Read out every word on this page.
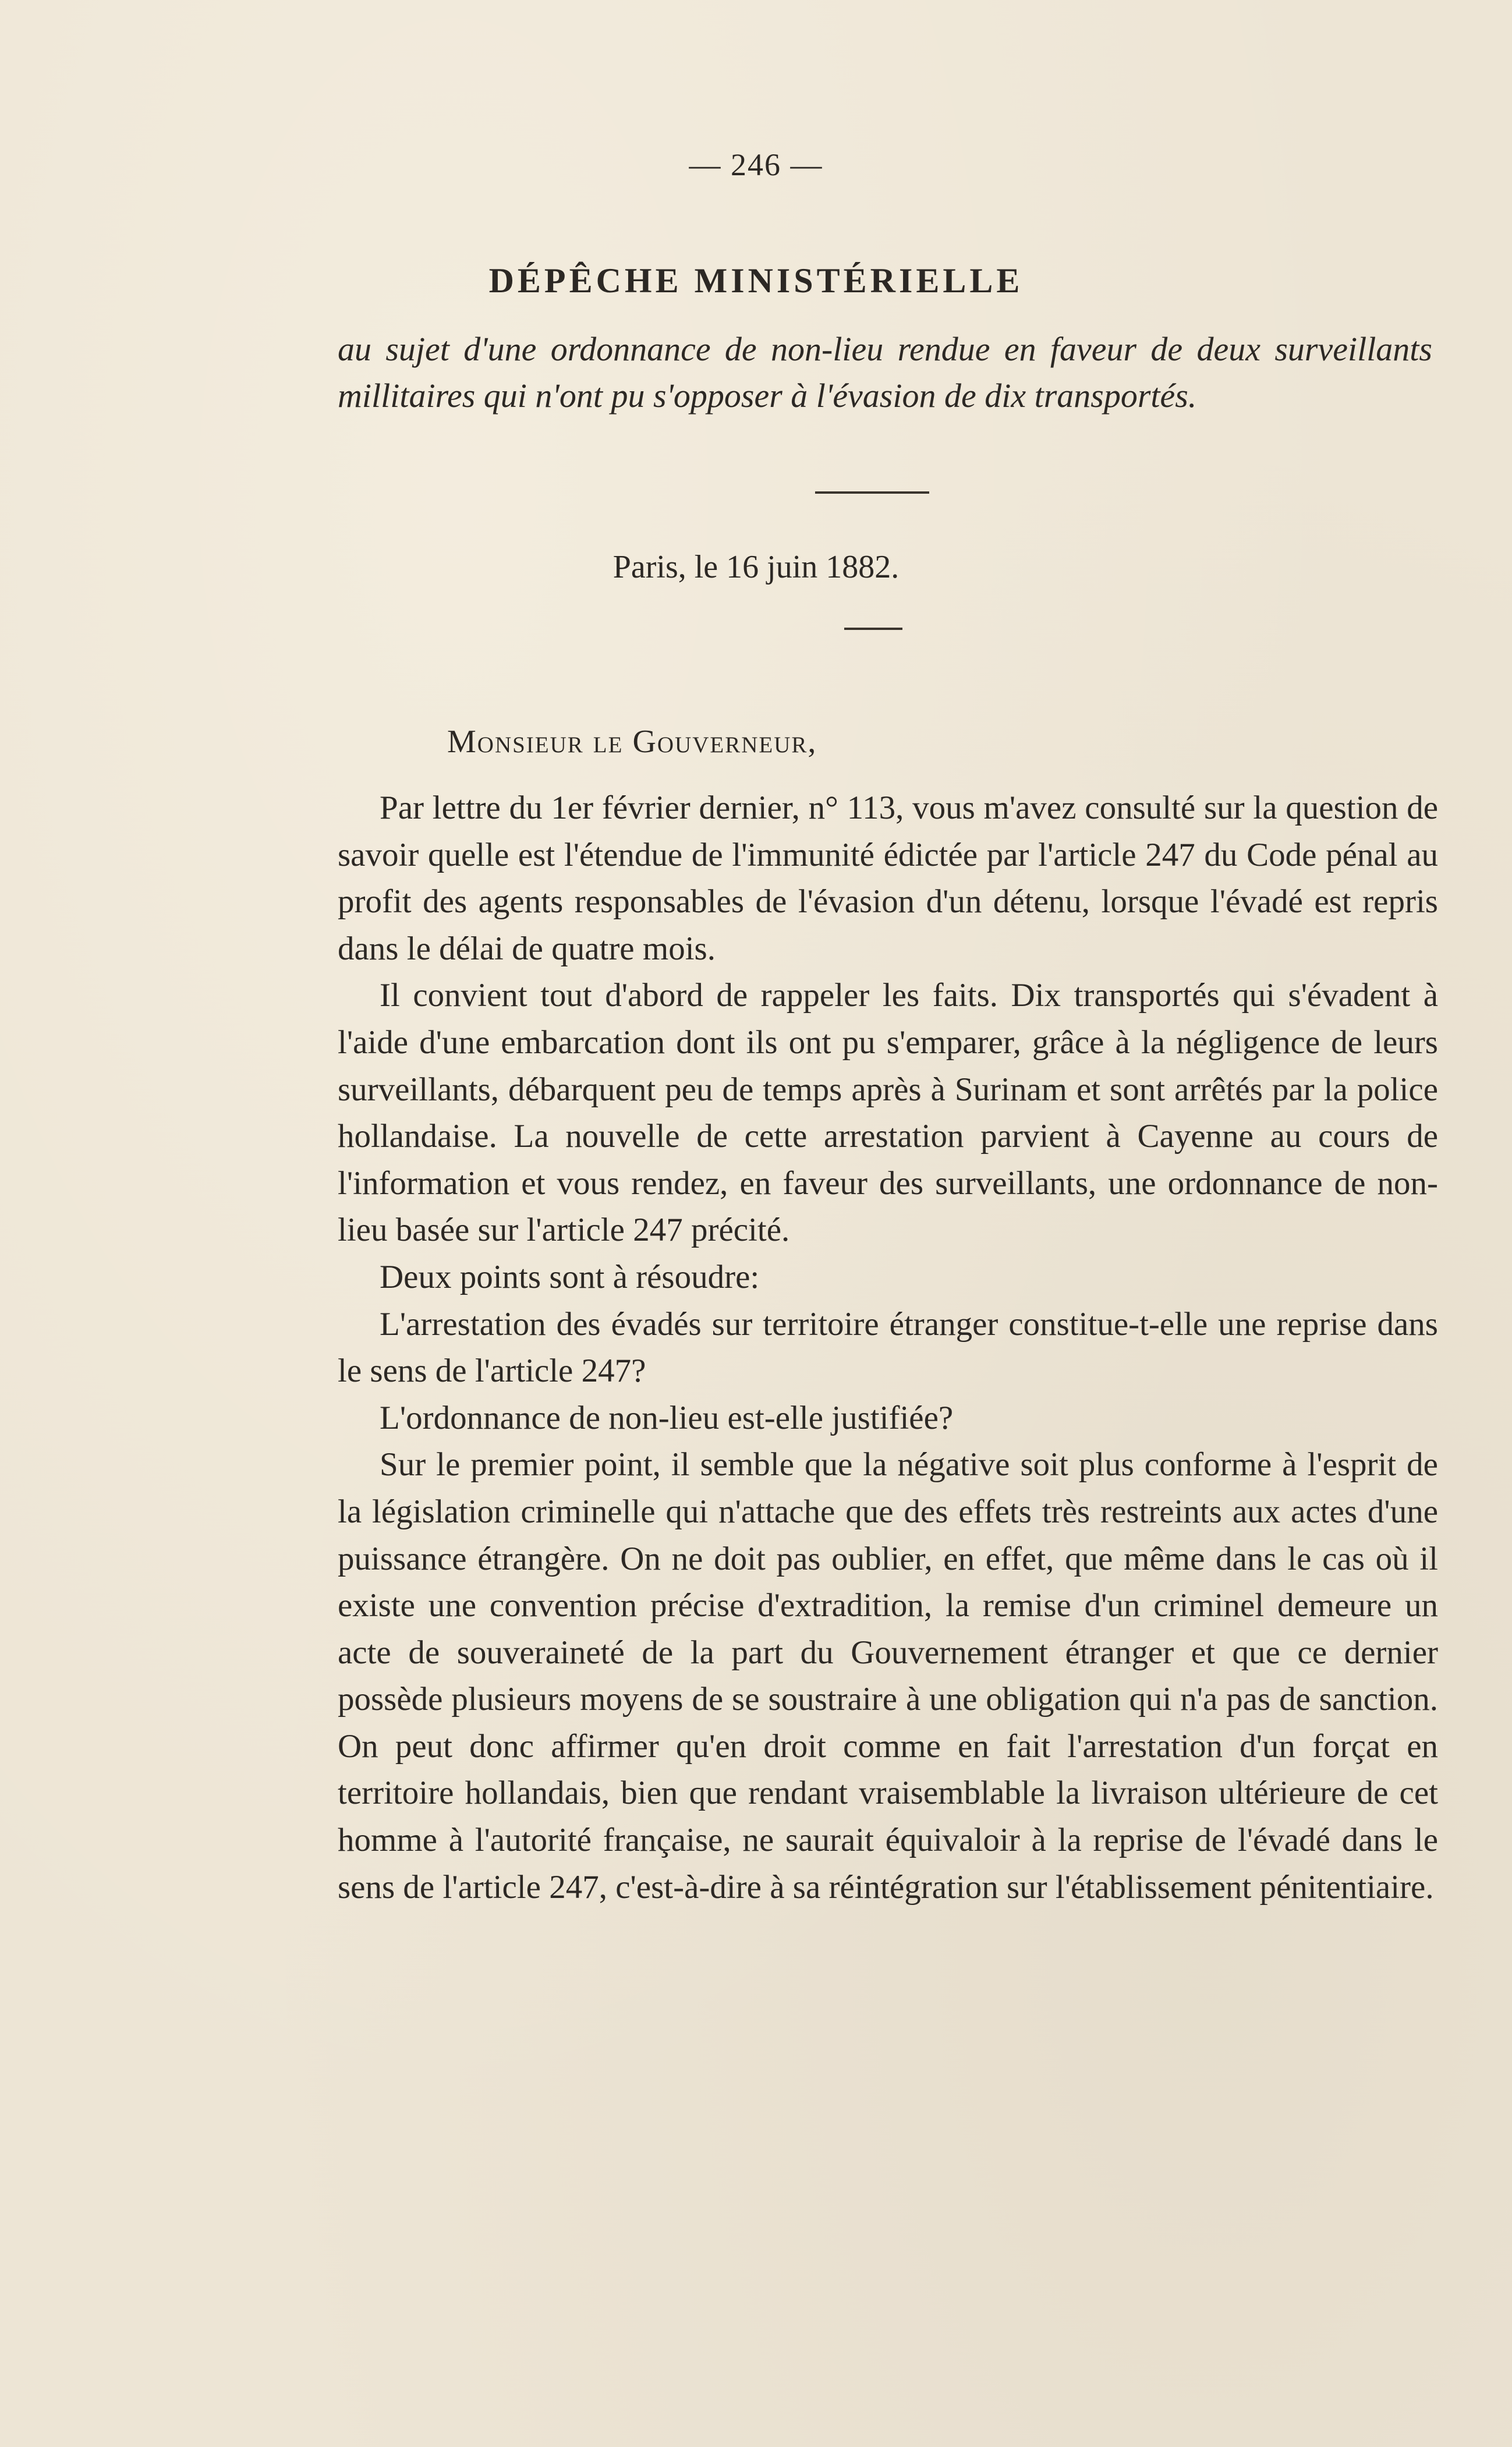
— 246 —

DÉPÊCHE MINISTÉRIELLE

au sujet d'une ordonnance de non-lieu rendue en faveur de deux surveillants millitaires qui n'ont pu s'opposer à l'évasion de dix transportés.

Paris, le 16 juin 1882.

Monsieur le Gouverneur,

Par lettre du 1er février dernier, n° 113, vous m'avez consulté sur la question de savoir quelle est l'étendue de l'immunité édictée par l'article 247 du Code pénal au profit des agents responsables de l'évasion d'un détenu, lorsque l'évadé est repris dans le délai de quatre mois.

Il convient tout d'abord de rappeler les faits. Dix transportés qui s'évadent à l'aide d'une embarcation dont ils ont pu s'emparer, grâce à la négligence de leurs surveillants, débarquent peu de temps après à Surinam et sont arrêtés par la police hollandaise. La nouvelle de cette arrestation parvient à Cayenne au cours de l'information et vous rendez, en faveur des surveillants, une ordonnance de non-lieu basée sur l'article 247 précité.

Deux points sont à résoudre:

L'arrestation des évadés sur territoire étranger constitue-t-elle une reprise dans le sens de l'article 247?

L'ordonnance de non-lieu est-elle justifiée?

Sur le premier point, il semble que la négative soit plus conforme à l'esprit de la législation criminelle qui n'attache que des effets très restreints aux actes d'une puissance étrangère. On ne doit pas oublier, en effet, que même dans le cas où il existe une convention précise d'extradition, la remise d'un criminel demeure un acte de souveraineté de la part du Gouvernement étranger et que ce dernier possède plusieurs moyens de se soustraire à une obligation qui n'a pas de sanction. On peut donc affirmer qu'en droit comme en fait l'arrestation d'un forçat en territoire hollandais, bien que rendant vraisemblable la livraison ultérieure de cet homme à l'autorité française, ne saurait équivaloir à la reprise de l'évadé dans le sens de l'article 247, c'est-à-dire à sa réintégration sur l'établissement pénitentiaire.
